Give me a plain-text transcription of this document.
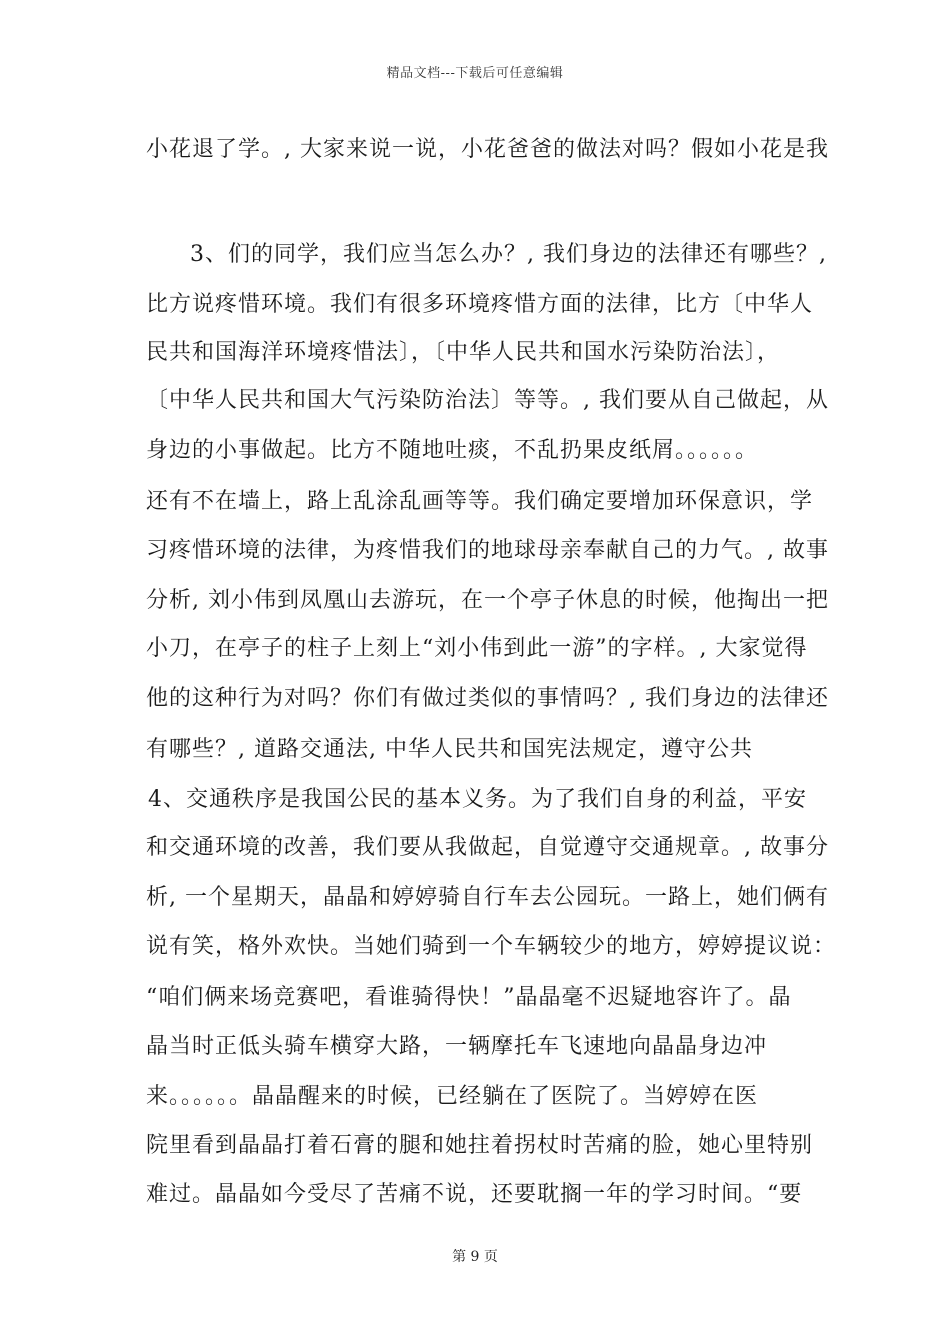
精品文档---下载后可任意编辑
小花退了学。, 大家来说一说，小花爸爸的做法对吗？假如小花是我
3、们的同学，我们应当怎么办？, 我们身边的法律还有哪些？,
比方说疼惜环境。我们有很多环境疼惜方面的法律，比方〔中华人
民共和国海洋环境疼惜法〕，〔中华人民共和国水污染防治法〕，
〔中华人民共和国大气污染防治法〕等等。, 我们要从自己做起，从
身边的小事做起。比方不随地吐痰，不乱扔果皮纸屑。。。。。。
还有不在墙上，路上乱涂乱画等等。我们确定要增加环保意识，学
习疼惜环境的法律，为疼惜我们的地球母亲奉献自己的力气。, 故事
分析, 刘小伟到凤凰山去游玩，在一个亭子休息的时候，他掏出一把
小刀，在亭子的柱子上刻上“刘小伟到此一游”的字样。, 大家觉得
他的这种行为对吗？你们有做过类似的事情吗？, 我们身边的法律还
有哪些？, 道路交通法, 中华人民共和国宪法规定，遵守公共
4、交通秩序是我国公民的基本义务。为了我们自身的利益，平安
和交通环境的改善，我们要从我做起，自觉遵守交通规章。, 故事分
析, 一个星期天，晶晶和婷婷骑自行车去公园玩。一路上，她们俩有
说有笑，格外欢快。当她们骑到一个车辆较少的地方，婷婷提议说：
“咱们俩来场竞赛吧，看谁骑得快！”晶晶毫不迟疑地容许了。晶
晶当时正低头骑车横穿大路，一辆摩托车飞速地向晶晶身边冲
来。。。。。。晶晶醒来的时候，已经躺在了医院了。当婷婷在医
院里看到晶晶打着石膏的腿和她拄着拐杖时苦痛的脸，她心里特别
难过。晶晶如今受尽了苦痛不说，还要耽搁一年的学习时间。“要
第 9 页
